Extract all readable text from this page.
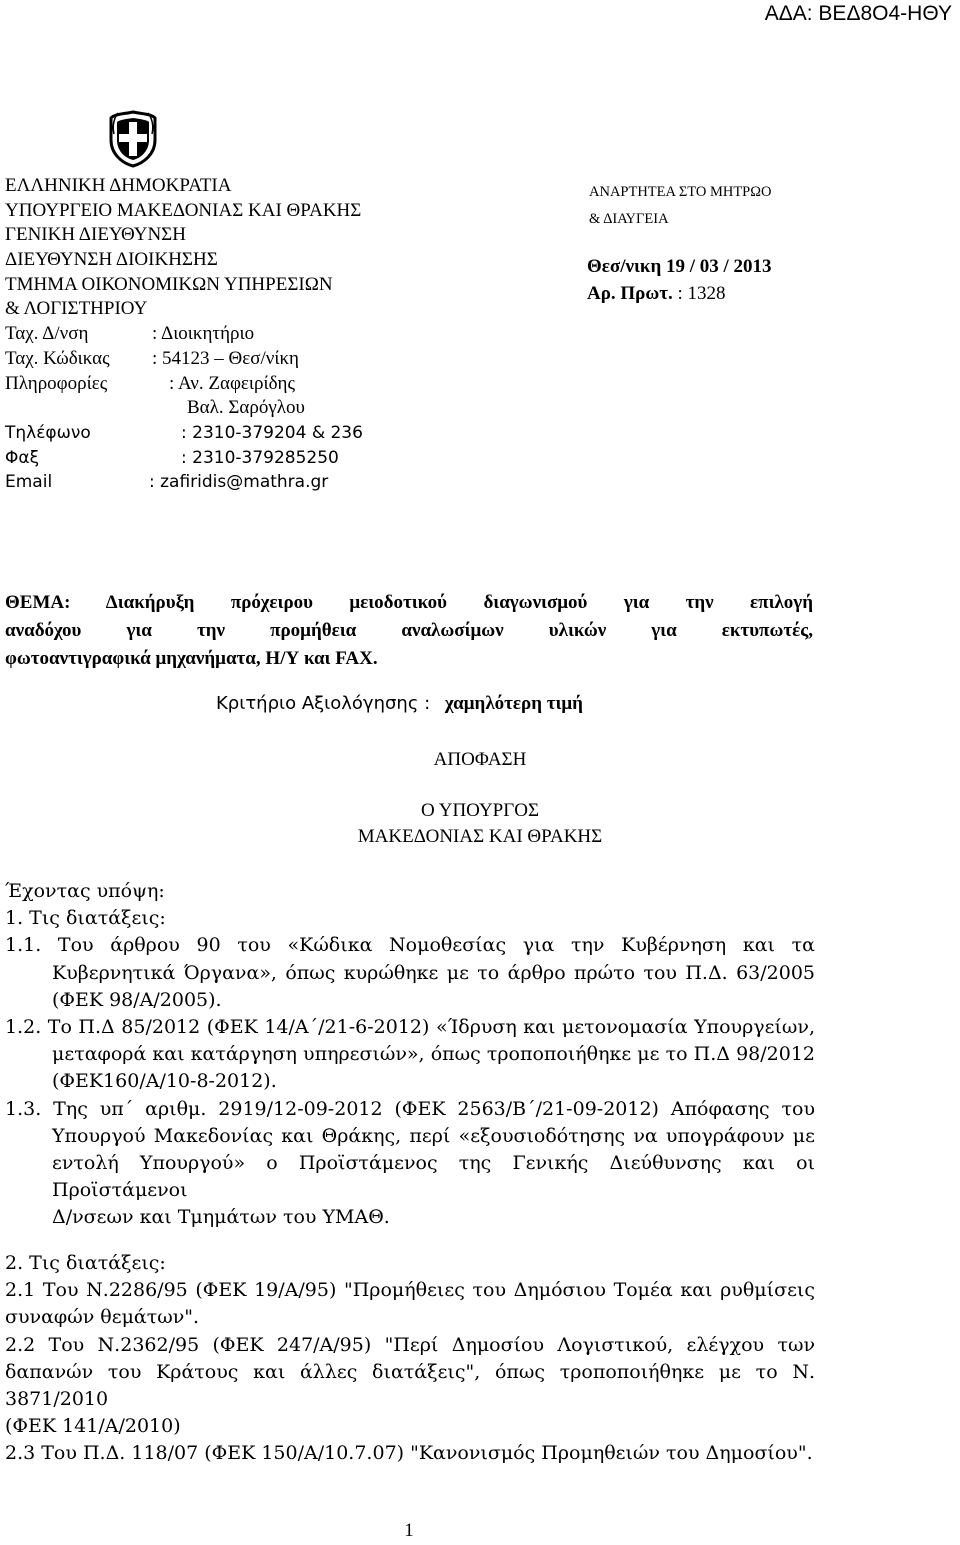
ΑΔΑ: ΒΕΔ8Ο4-ΗΘΥ
ΕΛΛΗΝΙΚΗ ΔΗΜΟΚΡΑΤΙΑ
ΥΠΟΥΡΓΕΙΟ ΜΑΚΕΔΟΝΙΑΣ ΚΑΙ ΘΡΑΚΗΣ
ΓΕΝΙΚΗ ΔΙΕΥΘΥΝΣΗ
ΔΙΕΥΘΥΝΣΗ ΔΙΟΙΚΗΣΗΣ
ΤΜΗΜΑ ΟΙΚΟΝΟΜΙΚΩΝ ΥΠΗΡΕΣΙΩΝ
& ΛΟΓΙΣΤΗΡΙΟΥ
Ταχ. Δ/νση	: Διοικητήριο
Ταχ. Κώδικας : 54123 – Θεσ/νίκη
Πληροφορίες	: Αν. Ζαφειρίδης
Βαλ. Σαρόγλου
Τηλέφωνο	: 2310-379204 & 236
Φαξ	: 2310-379285250
Email	: zafiridis@mathra.gr
ΑΝΑΡΤΗΤΕΑ ΣΤΟ ΜΗΤΡΩΟ
& ΔΙΑΥΓΕΙΑ
Θεσ/νικη 19 / 03 / 2013
Αρ. Πρωτ. : 1328
ΘΕΜΑ: Διακήρυξη πρόχειρου μειοδοτικού διαγωνισμού για την επιλογή
αναδόχου για την προμήθεια αναλωσίμων υλικών για εκτυπωτές,
φωτοαντιγραφικά μηχανήματα, Η/Υ και FAX.
Κριτήριο Αξιολόγησης : χαμηλότερη τιμή
ΑΠΟΦΑΣΗ
Ο ΥΠΟΥΡΓΟΣ
ΜΑΚΕΔΟΝΙΑΣ ΚΑΙ ΘΡΑΚΗΣ

Έχοντας υπόψη:

1. Τις διατάξεις:

1.1. Του άρθρου 90 του «Κώδικα Νομοθεσίας για την Κυβέρνηση και τα

Κυβερνητικά Όργανα», όπως κυρώθηκε με το άρθρο πρώτο του Π.Δ. 63/2005

(ΦΕΚ 98/Α/2005).

1.2. Το Π.Δ 85/2012 (ΦΕΚ 14/Α΄/21-6-2012) «Ίδρυση και μετονομασία Υπουργείων,

μεταφορά και κατάργηση υπηρεσιών», όπως τροποποιήθηκε με το Π.Δ 98/2012

(ΦΕΚ160/Α/10-8-2012).

1.3. Της υπ΄ αριθμ. 2919/12-09-2012 (ΦΕΚ 2563/Β΄/21-09-2012) Απόφασης του

Υπουργού Μακεδονίας και Θράκης, περί «εξουσιοδότησης να υπογράφουν με

εντολή Υπουργού» ο Προϊστάμενος της Γενικής Διεύθυνσης και οι Προϊστάμενοι

Δ/νσεων και Τμημάτων του ΥΜΑΘ.

2. Τις διατάξεις:

2.1 Του Ν.2286/95 (ΦΕΚ 19/Α/95) "Προμήθειες του Δημόσιου Τομέα και ρυθμίσεις

συναφών θεμάτων".

2.2 Του Ν.2362/95 (ΦΕΚ 247/Α/95) "Περί Δημοσίου Λογιστικού, ελέγχου των

δαπανών του Κράτους και άλλες διατάξεις", όπως τροποποιήθηκε με το Ν. 3871/2010

(ΦΕΚ 141/Α/2010)

2.3 Του Π.Δ. 118/07 (ΦΕΚ 150/Α/10.7.07) "Κανονισμός Προμηθειών του Δημοσίου".

1
